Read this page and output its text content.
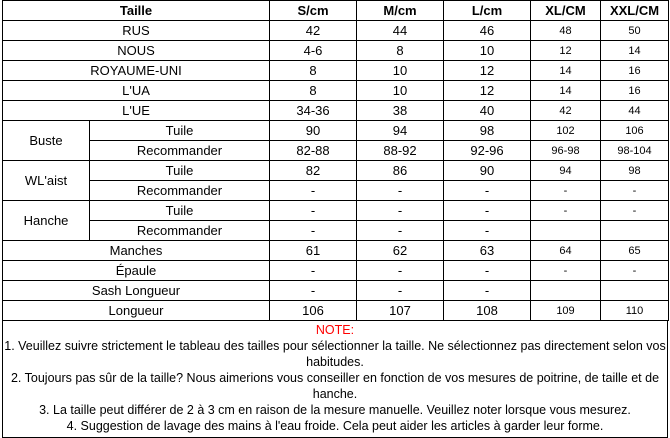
Taille		S/cm	M/cm	L/cm	XL/CM	XXL/CM
RUS		42	44	46	48	50
NOUS		4-6	8	10	12	14
ROYAUME-UNI		8	10	12	14	16
L'UA		8	10	12	14	16
L'UE		34-36	38	40	42	44
Buste	Tuile	90	94	98	102	106
	Recommander	82-88	88-92	92-96	96-98	98-104
WL'aist	Tuile	82	86	90	94	98
	Recommander	-	-	-	-	-
Hanche	Tuile	-	-	-	-	-
	Recommander	-	-	-		
Manches		61	62	63	64	65
Épaule		-	-	-	-	-
Sash Longueur		-	-	-		
Longueur		106	107	108	109	110
NOTE:

1. Veuillez suivre strictement le tableau des tailles pour sélectionner la taille. Ne sélectionnez pas directement selon vos habitudes.

2. Toujours pas sûr de la taille? Nous aimerions vous conseiller en fonction de vos mesures de poitrine, de taille et de hanche.

3. La taille peut différer de 2 à 3 cm en raison de la mesure manuelle. Veuillez noter lorsque vous mesurez.

4. Suggestion de lavage des mains à l'eau froide. Cela peut aider les articles à garder leur forme.
